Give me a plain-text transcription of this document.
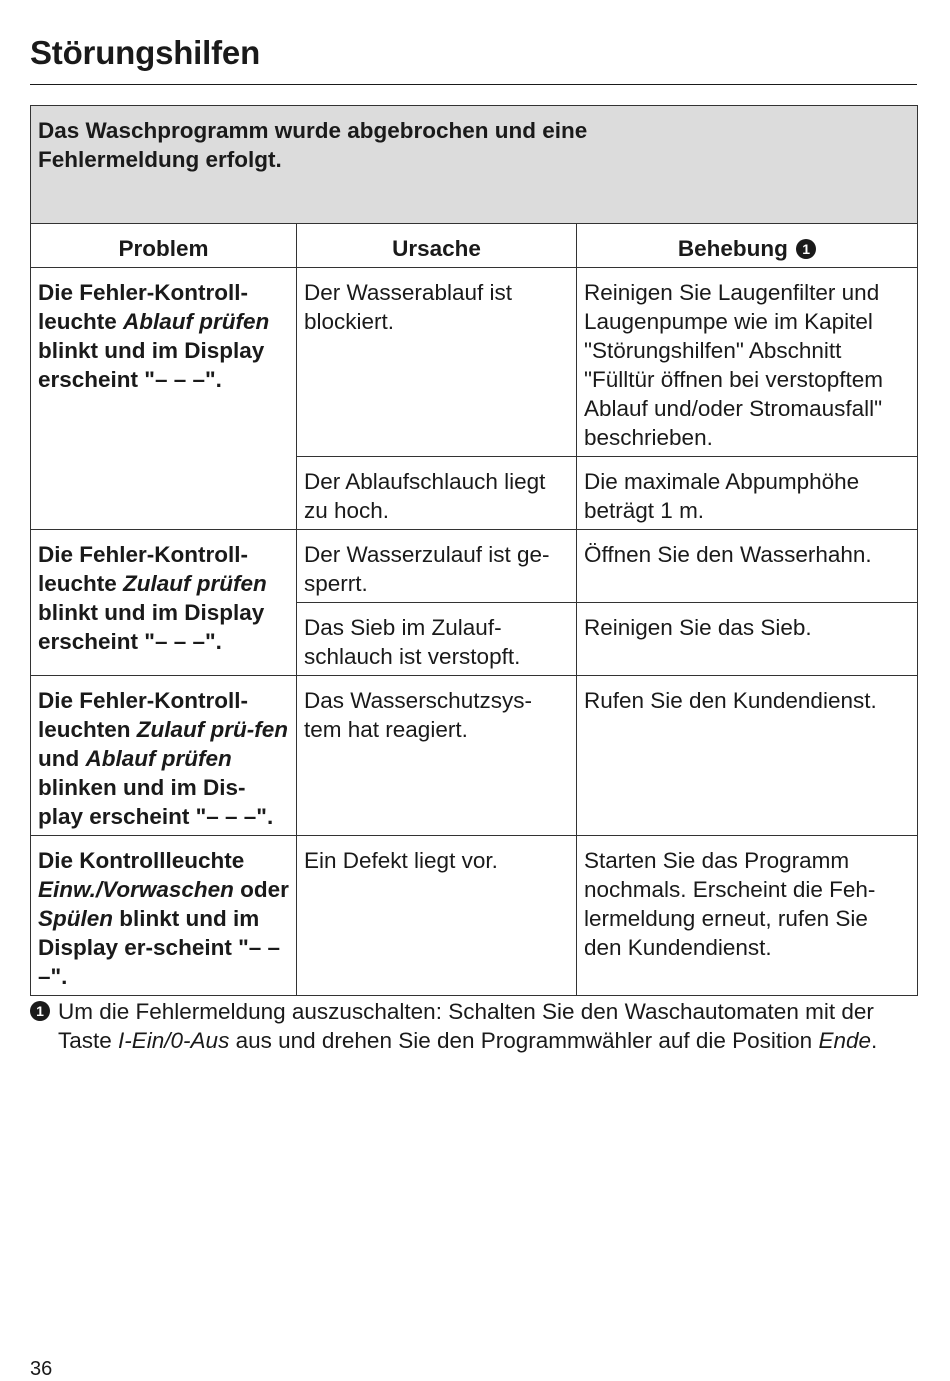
Störungshilfen
Das Waschprogramm wurde abgebrochen und eine
Fehlermeldung erfolgt.		
Problem	Ursache	Behebung 1
Die Fehler-Kontroll-leuchte Ablauf prüfen blinkt und im Display erscheint "– – –".	Der Wasserablauf ist blockiert.	Reinigen Sie Laugenfilter und Laugenpumpe wie im Kapitel "Störungshilfen" Abschnitt "Fülltür öffnen bei verstopftem Ablauf und/oder Stromausfall" beschrieben.
	Der Ablaufschlauch liegt zu hoch.	Die maximale Abpumphöhe beträgt 1 m.
Die Fehler-Kontroll-leuchte Zulauf prüfen blinkt und im Display erscheint "– – –".	Der Wasserzulauf ist ge-sperrt.	Öffnen Sie den Wasserhahn.
	Das Sieb im Zulauf-schlauch ist verstopft.	Reinigen Sie das Sieb.
Die Fehler-Kontroll-leuchten Zulauf prü-fen und Ablauf prüfen blinken und im Dis-play erscheint "– – –".	Das Wasserschutzsys-tem hat reagiert.	Rufen Sie den Kundendienst.
Die Kontrollleuchte Einw./Vorwaschen oder Spülen blinkt und im Display er-scheint "– – –".	Ein Defekt liegt vor.	Starten Sie das Programm nochmals. Erscheint die Feh-lermeldung erneut, rufen Sie den Kundendienst.
1 Um die Fehlermeldung auszuschalten: Schalten Sie den Waschautomaten mit der Taste I-Ein/0-Aus aus und drehen Sie den Programmwähler auf die Position Ende.
36
